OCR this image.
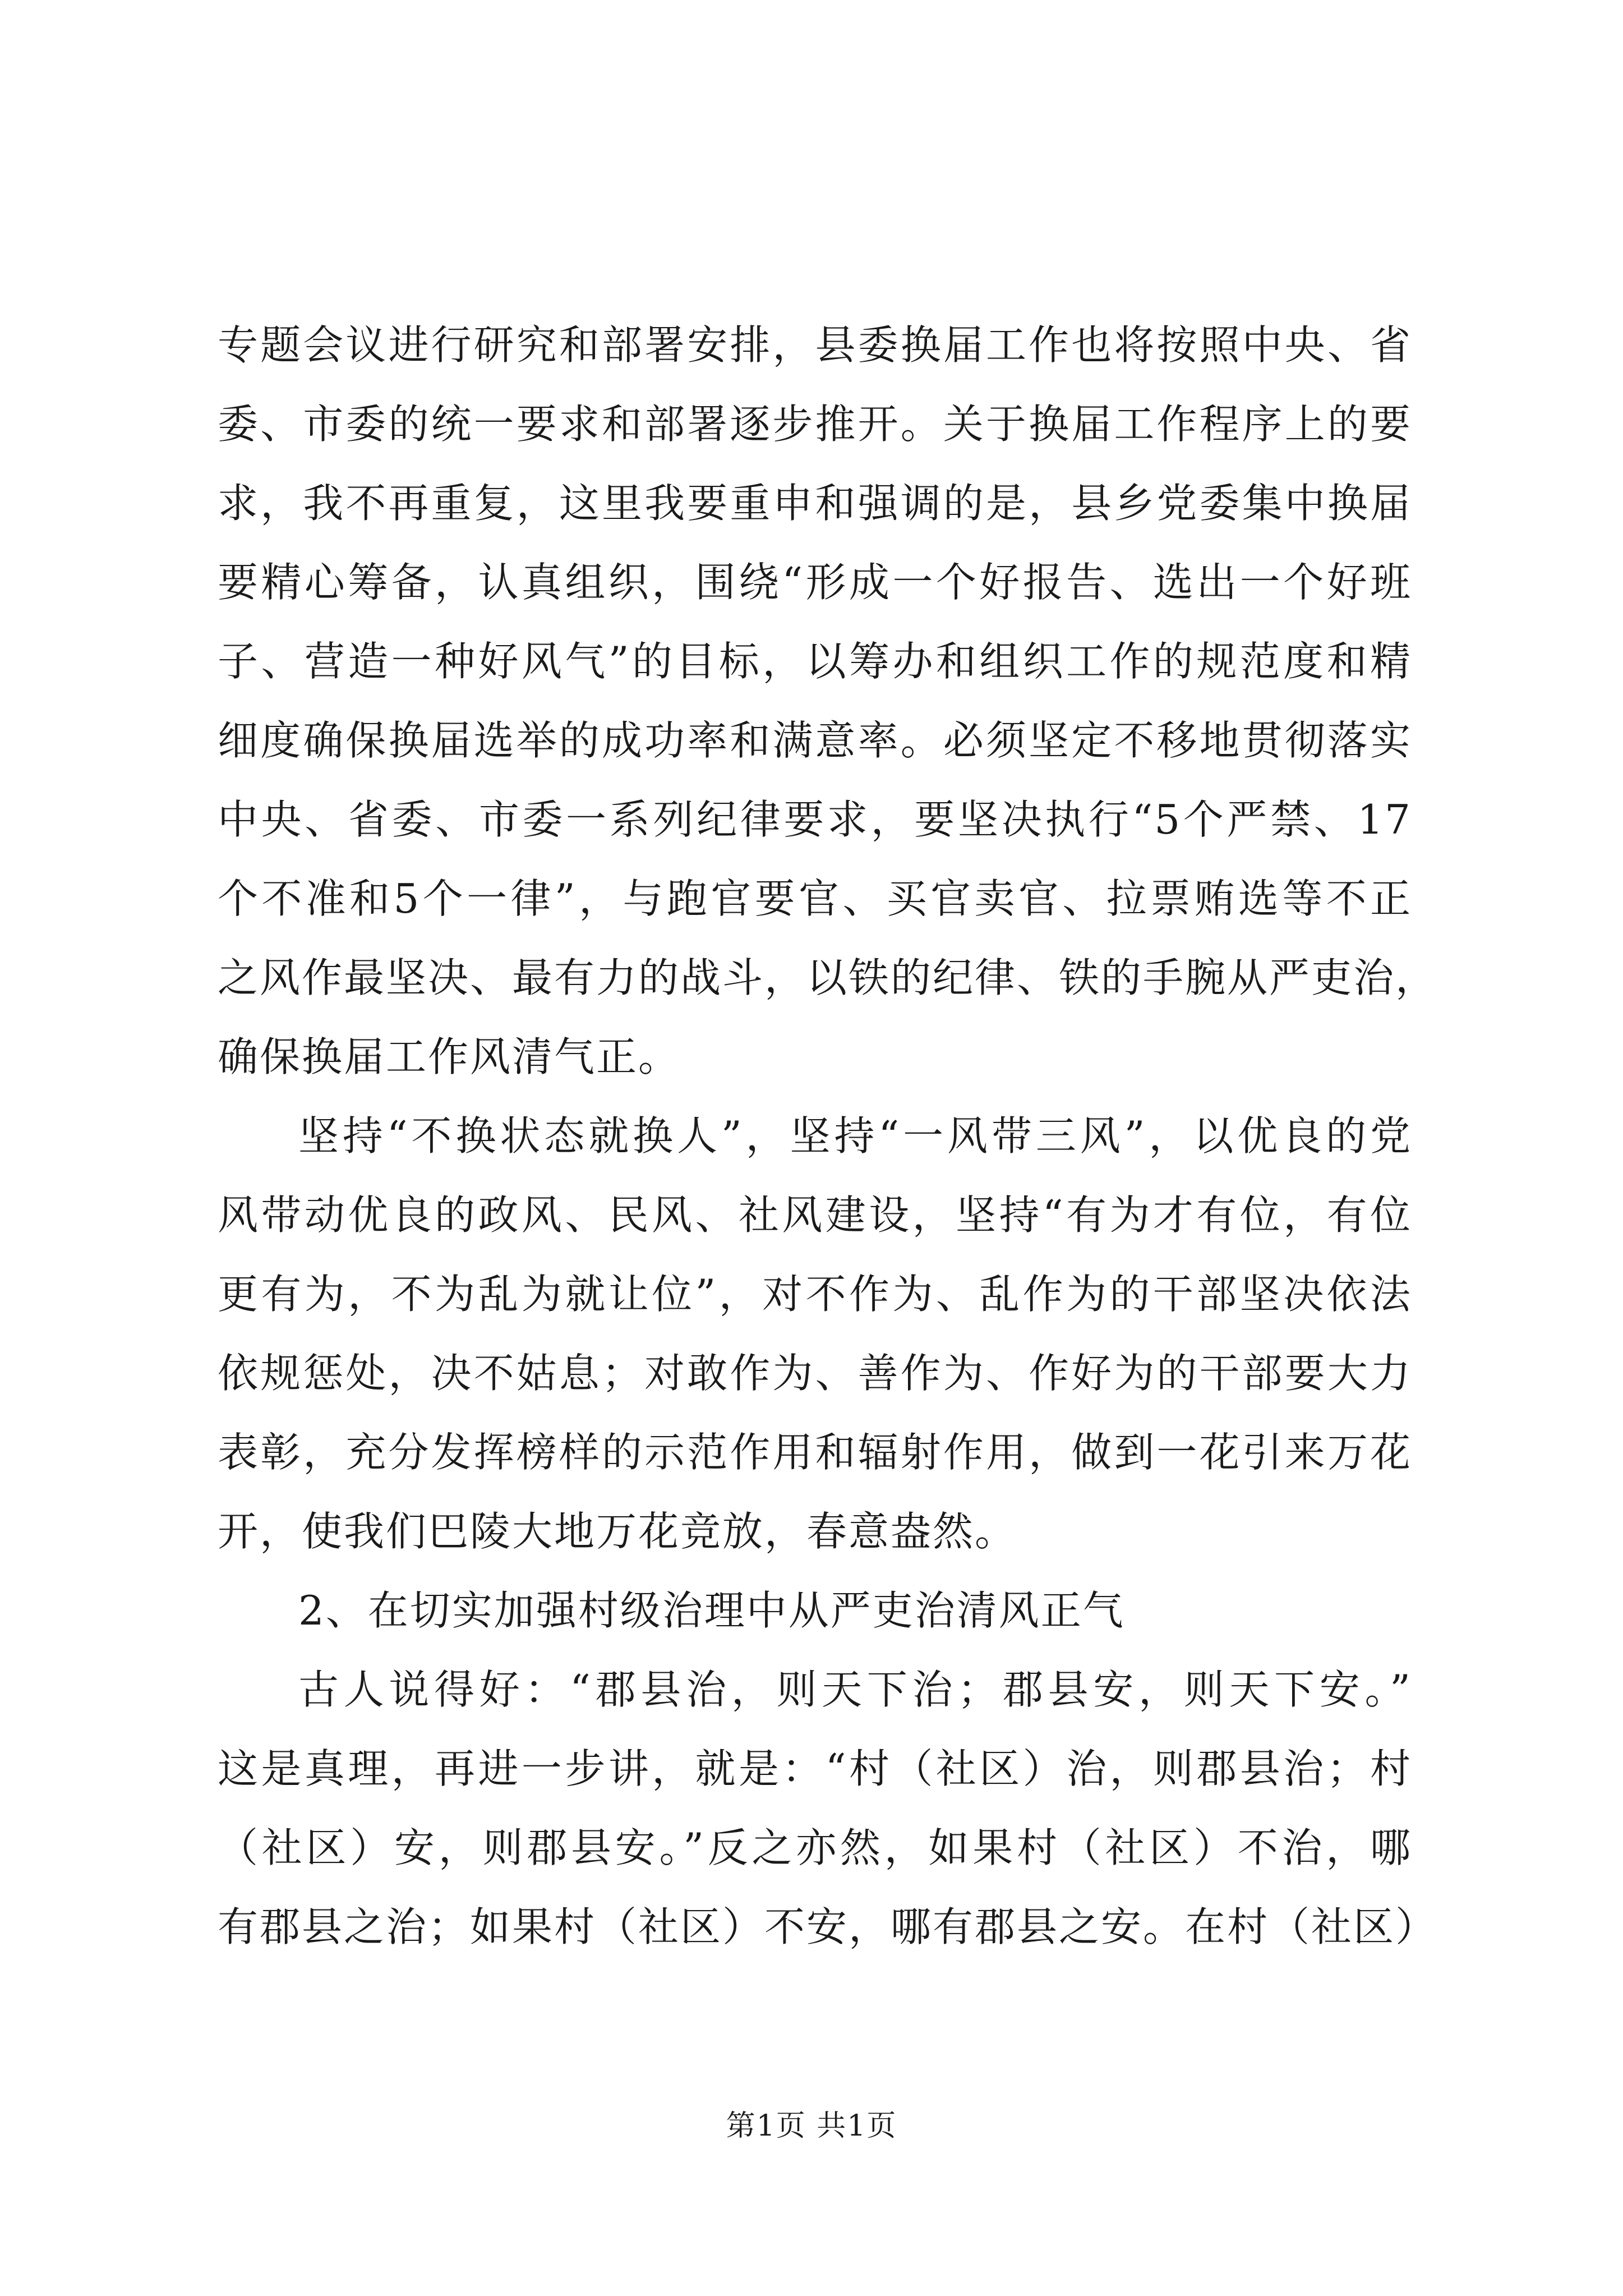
专题会议进行研究和部署安排，县委换届工作也将按照中央、省
委、市委的统一要求和部署逐步推开。关于换届工作程序上的要
求，我不再重复，这里我要重申和强调的是，县乡党委集中换届
要精心筹备，认真组织，围绕“形成一个好报告、选出一个好班
子、营造一种好风气”的目标，以筹办和组织工作的规范度和精
细度确保换届选举的成功率和满意率。必须坚定不移地贯彻落实
中央、省委、市委一系列纪律要求，要坚决执行“5个严禁、17
个不准和5个一律”，与跑官要官、买官卖官、拉票贿选等不正
之风作最坚决、最有力的战斗，以铁的纪律、铁的手腕从严吏治，
确保换届工作风清气正。
坚持“不换状态就换人”，坚持“一风带三风”，以优良的党
风带动优良的政风、民风、社风建设，坚持“有为才有位，有位
更有为，不为乱为就让位”，对不作为、乱作为的干部坚决依法
依规惩处，决不姑息；对敢作为、善作为、作好为的干部要大力
表彰，充分发挥榜样的示范作用和辐射作用，做到一花引来万花
开，使我们巴陵大地万花竞放，春意盎然。
2、在切实加强村级治理中从严吏治清风正气
古人说得好：“郡县治，则天下治；郡县安，则天下安。”
这是真理，再进一步讲，就是：“村（社区）治，则郡县治；村
（社区）安，则郡县安。”反之亦然，如果村（社区）不治，哪
有郡县之治；如果村（社区）不安，哪有郡县之安。在村（社区）
第1页 共1页
